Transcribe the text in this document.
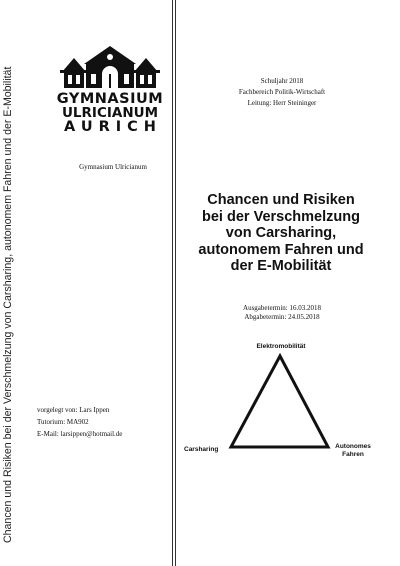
Chancen und Risiken bei der Verschmelzung von Carsharing, autonomem Fahren und der E-Mobilität	GYMNASIUM
ULRICIANUM
AURICH
Gymnasium Ulricianum
Schuljahr 2018
Fachbereich Politik-Wirtschaft
Leitung: Herr Steininger
Chancen und Risiken
bei der Verschmelzung
von Carsharing,
autonomem Fahren und
der E-Mobilität
Ausgabetermin: 16.03.2018
Abgabetermin: 24.05.2018
Elektromobilität
Carsharing	Autonomes
Fahren
vorgelegt von: Lars Ippen
Tutorium: MA902
E-Mail: larsippen@hotmail.de
